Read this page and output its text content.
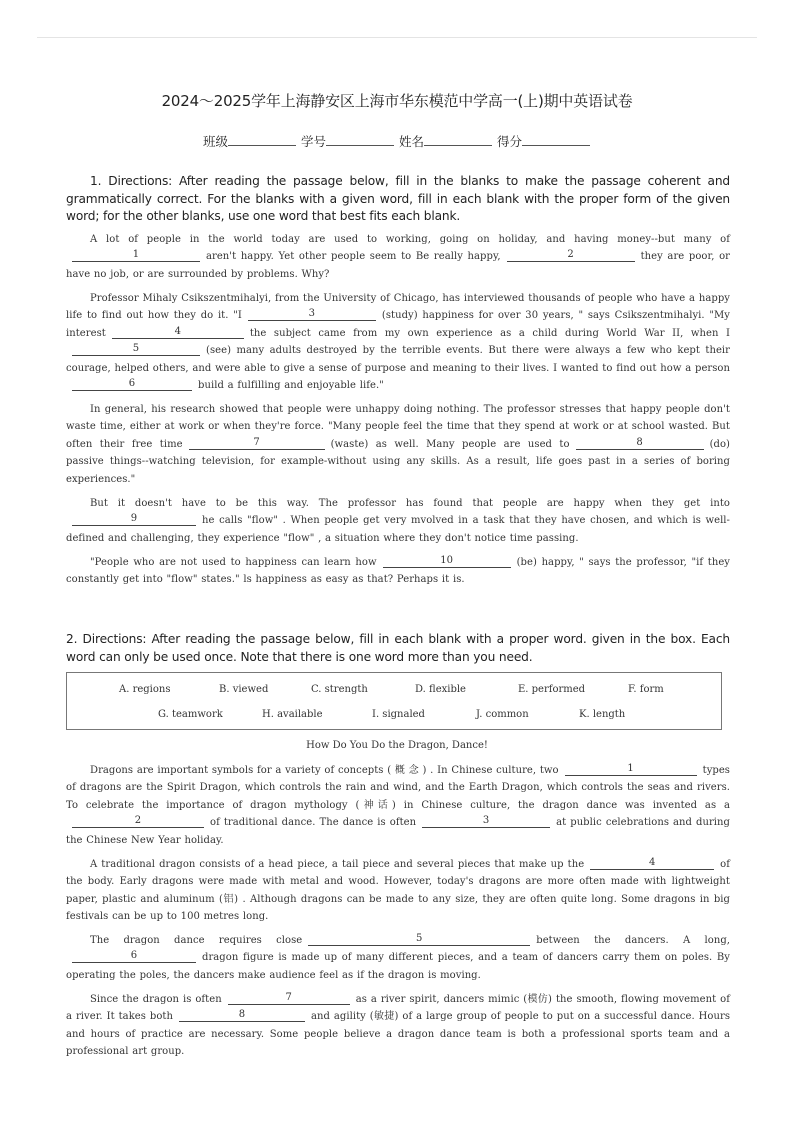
2024～2025学年上海静安区上海市华东模范中学高一(上)期中英语试卷
班级	学号	姓名	得分
1. Directions: After reading the passage below, fill in the blanks to make the passage coherent and grammatically correct. For the blanks with a given word, fill in each blank with the proper form of the given word; for the other blanks, use one word that best fits each blank.
A lot of people in the world today are used to working, going on holiday, and having money--but many of1	aren't happy. Yet other people seem to Be really happy,	2	they are poor, or have no job, or are surrounded by problems. Why?
Professor Mihaly Csikszentmihalyi, from the University of Chicago, has interviewed thousands of people who have a happy life to find out how they do it. "I	3	(study) happiness for over 30 years, " says Csikszentmihalyi. "My interest	4	the subject came from my own experience as a child during World War II, when I5	(see) many adults destroyed by the terrible events. But there were always a few who kept their courage, helped others, and were able to give a sense of purpose and meaning to their lives. I wanted to find out how a person6	build a fulfilling and enjoyable life."
In general, his research showed that people were unhappy doing nothing. The professor stresses that happy people don't waste time, either at work or when they're force. "Many people feel the time that they spend at work or at school wasted. But often their free time	7	(waste) as well. Many people are used to	8	(do) passive things--watching television, for example-without using any skills. As a result, life goes past in a series of boring experiences."
But it doesn't have to be this way. The professor has found that people are happy when they get into9	he calls "flow" . When people get very mvolved in a task that they have chosen, and which is well-defined and challenging, they experience "flow" , a situation where they don't notice time passing.
"People who are not used to happiness can learn how	10	(be) happy, " says the professor, "if they constantly get into "flow" states." ls happiness as easy as that? Perhaps it is.
2. Directions: After reading the passage below, fill in each blank with a proper word. given in the box. Each word can only be used once. Note that there is one word more than you need.
A. regions	B. viewed	C. strength	D. flexible	E. performed	F. form
G. teamwork	H. available	I. signaled	J. common	K. length
How Do You Do the Dragon, Dance!
Dragons are important symbols for a variety of concepts ( 概 念 ) . In Chinese culture, two	1	types of dragons are the Spirit Dragon, which controls the rain and wind, and the Earth Dragon, which controls the seas and rivers. To celebrate the importance of dragon mythology (神话) in Chinese culture, the dragon dance was invented as a2	of traditional dance. The dance is often	3	at public celebrations and during the Chinese New Year holiday.
A traditional dragon consists of a head piece, a tail piece and several pieces that make up the	4	of the body. Early dragons were made with metal and wood. However, today's dragons are more often made with lightweight paper, plastic and aluminum (铝) . Although dragons can be made to any size, they are often quite long. Some dragons in big festivals can be up to 100 metres long.
The dragon dance requires close	5	between the dancers. A long,6	dragon figure is made up of many different pieces, and a team of dancers carry them on poles. By operating the poles, the dancers make audience feel as if the dragon is moving.
Since the dragon is often	7	as a river spirit, dancers mimic (模仿) the smooth, flowing movement of a river. It takes both	8	and agility (敏捷) of a large group of people to put on a successful dance. Hours and hours of practice are necessary. Some people believe a dragon dance team is both a professional sports team and a professional art group.
